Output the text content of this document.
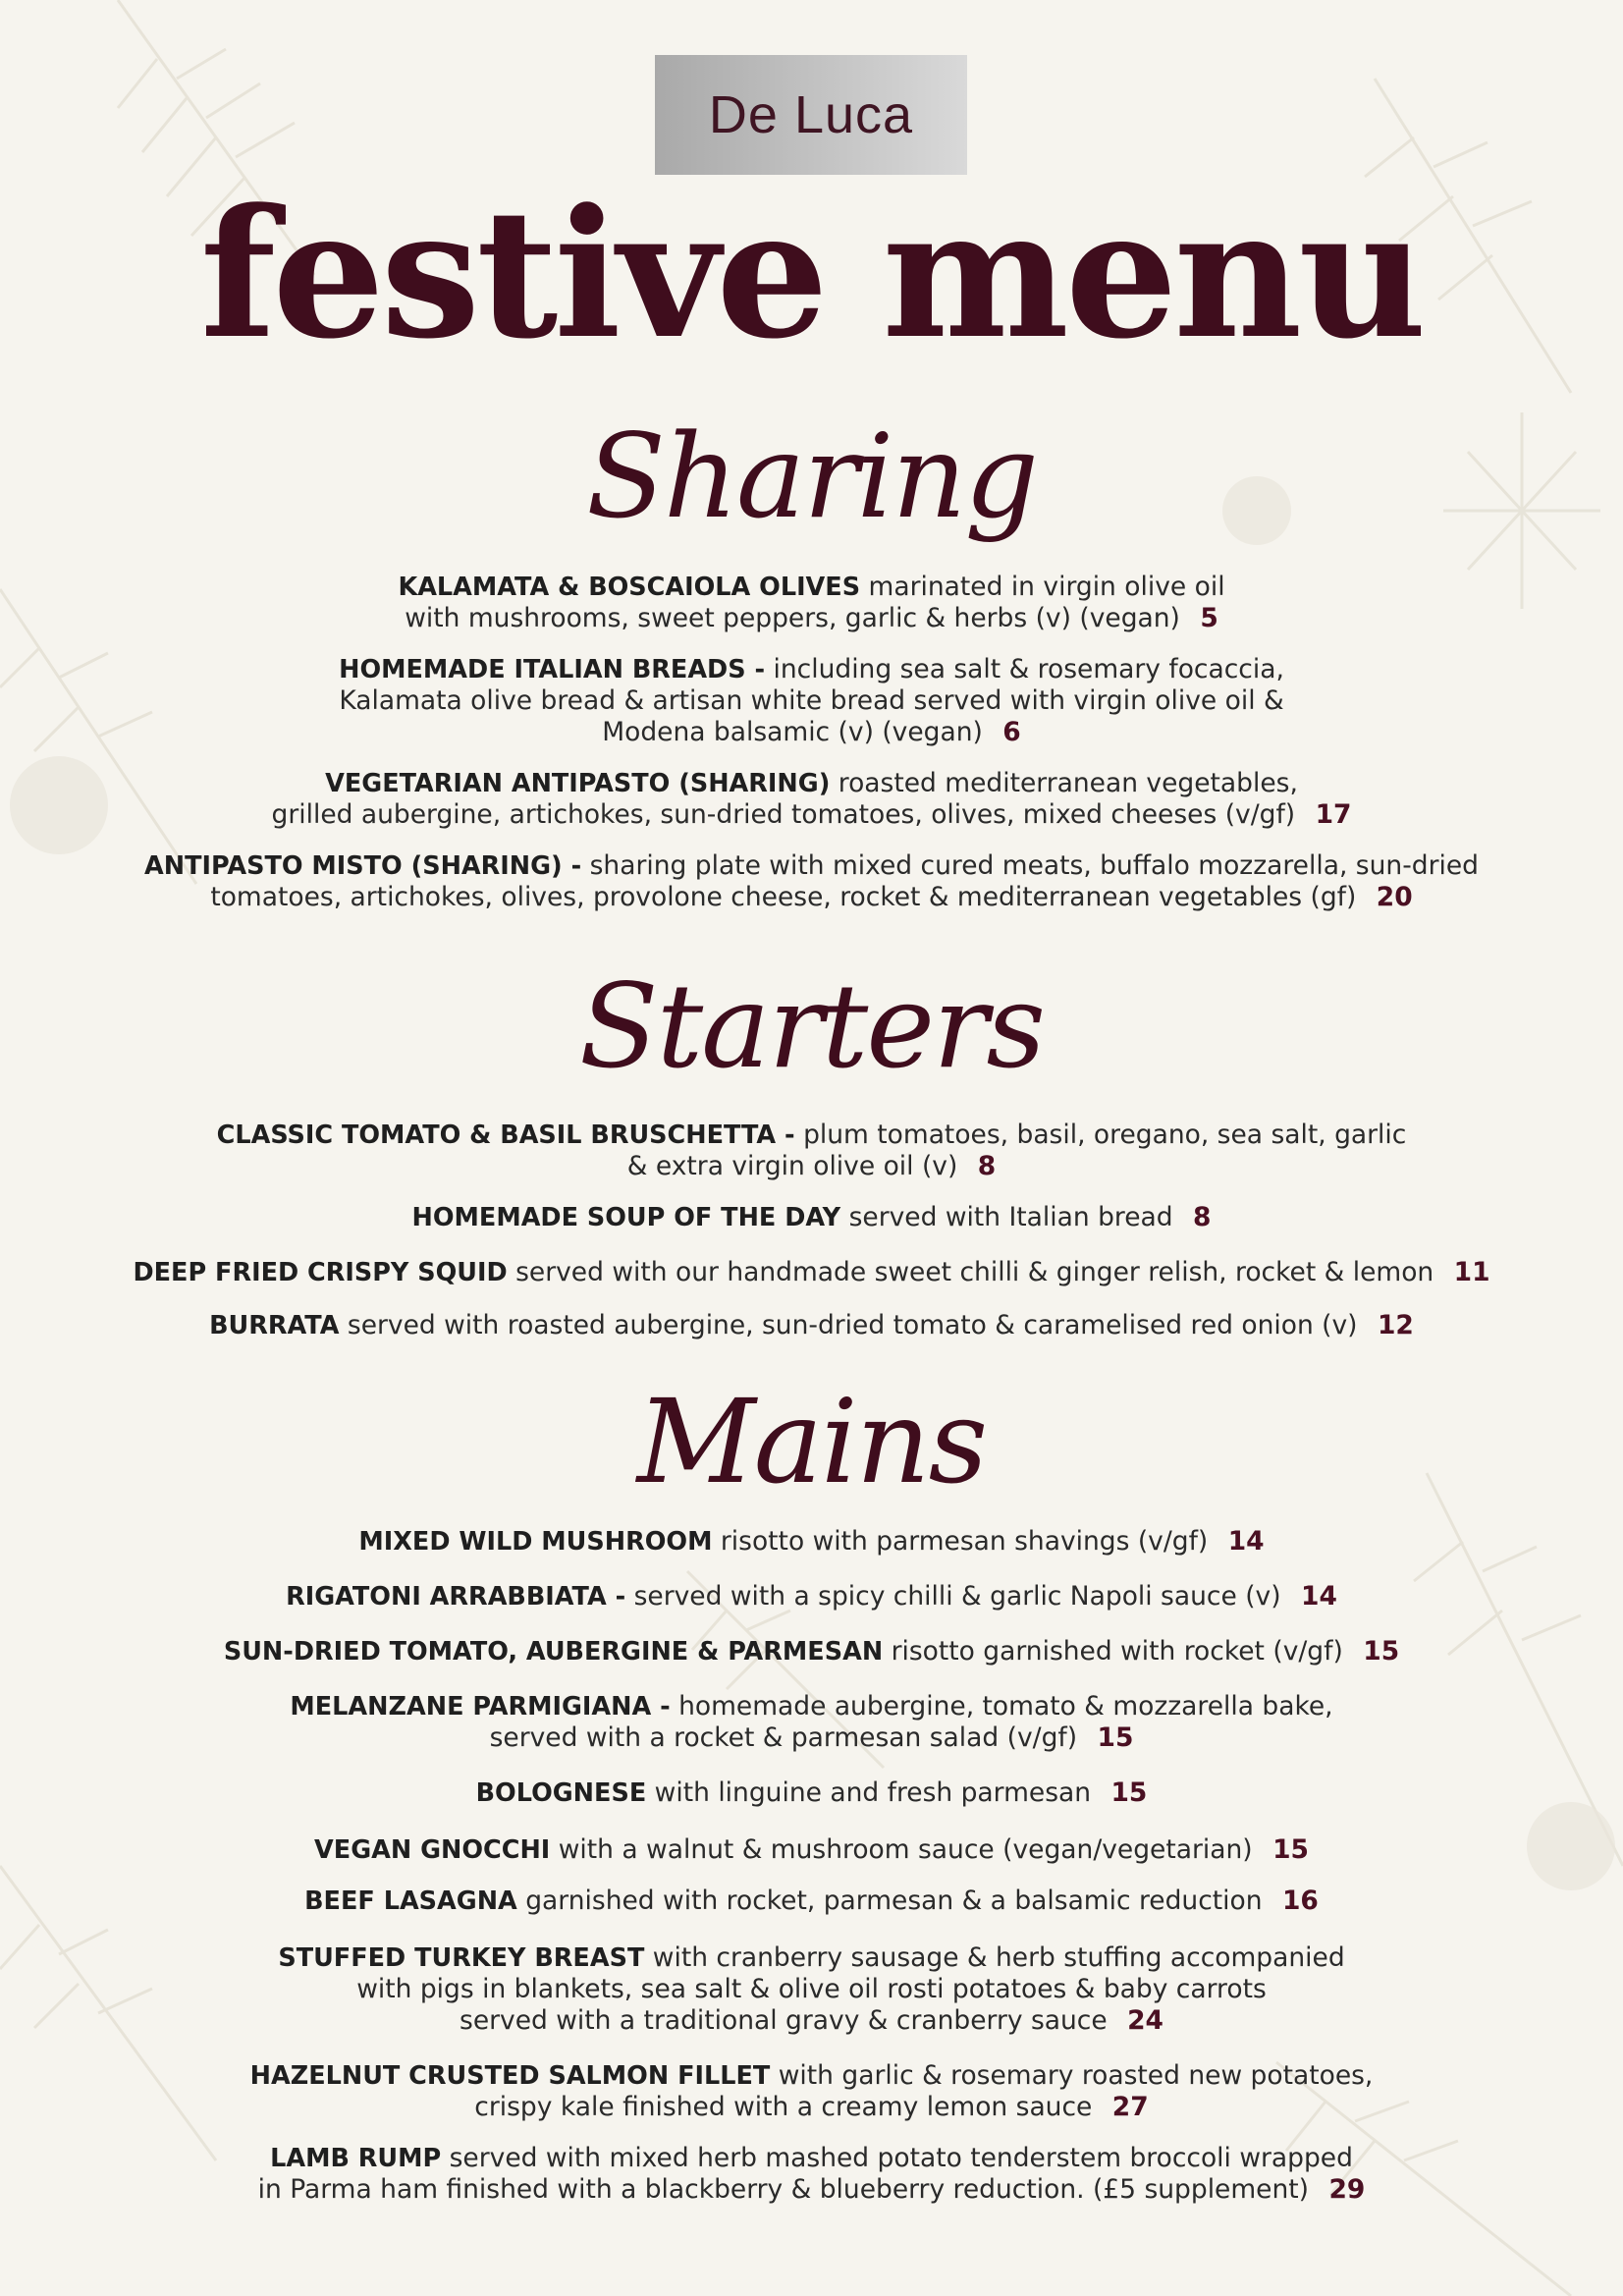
De Luca
festive menu
Sharing
KALAMATA & BOSCAIOLA OLIVES marinated in virgin olive oil
with mushrooms, sweet peppers, garlic & herbs (v) (vegan) 5
HOMEMADE ITALIAN BREADS - including sea salt & rosemary focaccia,
Kalamata olive bread & artisan white bread served with virgin olive oil &
Modena balsamic (v) (vegan) 6
VEGETARIAN ANTIPASTO (SHARING) roasted mediterranean vegetables,
grilled aubergine, artichokes, sun-dried tomatoes, olives, mixed cheeses (v/gf) 17
ANTIPASTO MISTO (SHARING) - sharing plate with mixed cured meats, buffalo mozzarella, sun-dried
tomatoes, artichokes, olives, provolone cheese, rocket & mediterranean vegetables (gf) 20
Starters
CLASSIC TOMATO & BASIL BRUSCHETTA - plum tomatoes, basil, oregano, sea salt, garlic
& extra virgin olive oil (v) 8
HOMEMADE SOUP OF THE DAY served with Italian bread 8
DEEP FRIED CRISPY SQUID served with our handmade sweet chilli & ginger relish, rocket & lemon 11
BURRATA served with roasted aubergine, sun-dried tomato & caramelised red onion (v) 12
Mains
MIXED WILD MUSHROOM risotto with parmesan shavings (v/gf) 14
RIGATONI ARRABBIATA - served with a spicy chilli & garlic Napoli sauce (v) 14
SUN-DRIED TOMATO, AUBERGINE & PARMESAN risotto garnished with rocket (v/gf) 15
MELANZANE PARMIGIANA - homemade aubergine, tomato & mozzarella bake,
served with a rocket & parmesan salad (v/gf) 15
BOLOGNESE with linguine and fresh parmesan 15
VEGAN GNOCCHI with a walnut & mushroom sauce (vegan/vegetarian) 15
BEEF LASAGNA garnished with rocket, parmesan & a balsamic reduction 16
STUFFED TURKEY BREAST with cranberry sausage & herb stuffing accompanied
with pigs in blankets, sea salt & olive oil rosti potatoes & baby carrots
served with a traditional gravy & cranberry sauce 24
HAZELNUT CRUSTED SALMON FILLET with garlic & rosemary roasted new potatoes,
crispy kale finished with a creamy lemon sauce 27
LAMB RUMP served with mixed herb mashed potato tenderstem broccoli wrapped
in Parma ham finished with a blackberry & blueberry reduction. (£5 supplement) 29
